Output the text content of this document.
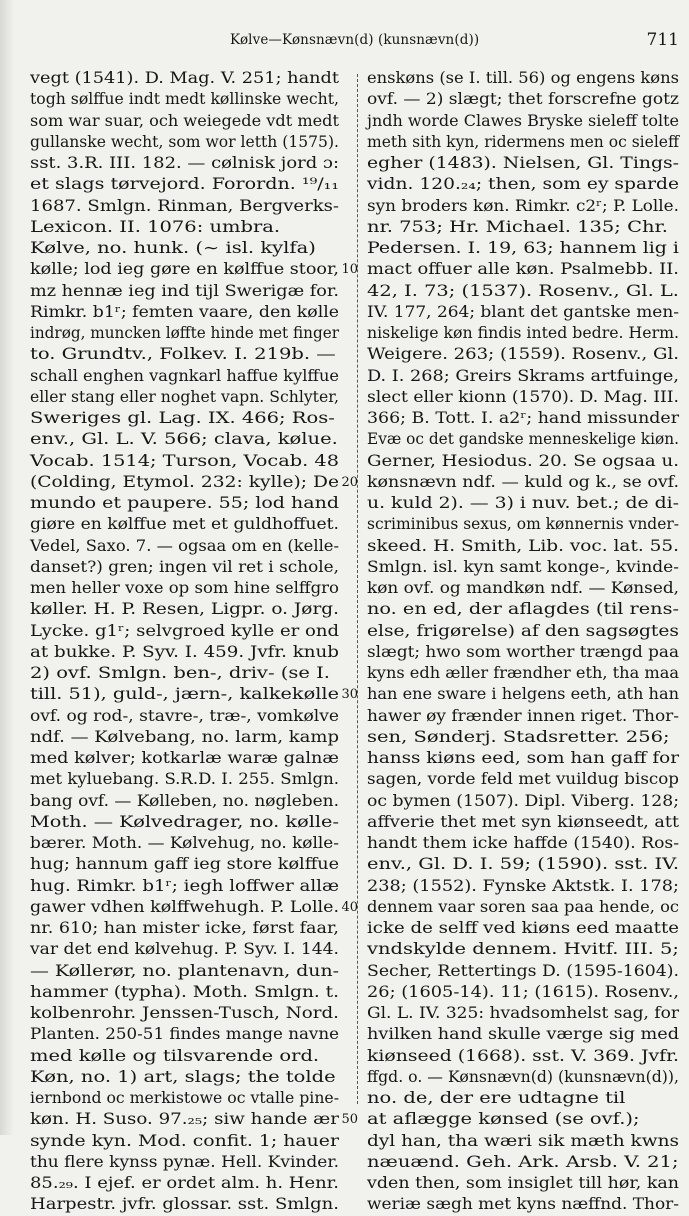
Kølve—Kønsnævn(d) (kunsnævn(d))	711
vegt (1541). D. Mag. V. 251; handt
togh sølffue indt medt køllinske wecht,
som war suar, och weiegede vdt medt
gullanske wecht, som wor letth (1575).
sst. 3.R. III. 182. — cølnisk jord ɔ:
et slags tørvejord. Forordn. ¹⁹/₁₁
1687. Smlgn. Rinman, Bergverks-
Lexicon. II. 1076: umbra.
Kølve, no. hunk. (∼ isl. kylfa)
kølle; lod ieg gøre en kølffue stoor,
mz hennæ ieg ind tijl Swerigæ for.
Rimkr. b1ʳ; femten vaare, den kølle
indrøg, muncken løffte hinde met finger
to. Grundtv., Folkev. I. 219b. —
schall enghen vagnkarl haffue kylffue
eller stang eller noghet vapn. Schlyter,
Sweriges gl. Lag. IX. 466; Ros-
env., Gl. L. V. 566; clava, kølue.
Vocab. 1514; Turson, Vocab. 48
(Colding, Etymol. 232: kylle); De
mundo et paupere. 55; lod hand
giøre en kølffue met et guldhoffuet.
Vedel, Saxo. 7. — ogsaa om en (kelle-
danset?) gren; ingen vil ret i schole,
men heller voxe op som hine selffgro
køller. H. P. Resen, Ligpr. o. Jørg.
Lycke. g1ʳ; selvgroed kylle er ond
at bukke. P. Syv. I. 459. Jvfr. knub
2) ovf. Smlgn. ben-, driv- (se I.
till. 51), guld-, jærn-, kalkekølle
ovf. og rod-, stavre-, træ-, vomkølve
ndf. — Kølvebang, no. larm, kamp
med kølver; kotkarlæ waræ galnæ
met kyluebang. S.R.D. I. 255. Smlgn.
bang ovf. — Kølleben, no. nøgleben.
Moth. — Kølvedrager, no. kølle-
bærer. Moth. — Kølvehug, no. kølle-
hug; hannum gaff ieg store kølffue
hug. Rimkr. b1ʳ; iegh loffwer allæ
gawer vdhen kølffwehugh. P. Lolle.
nr. 610; han mister icke, først faar,
var det end kølvehug. P. Syv. I. 144.
— Køllerør, no. plantenavn, dun-
hammer (typha). Moth. Smlgn. t.
kolbenrohr. Jenssen-Tusch, Nord.
Planten. 250-51 findes mange navne
med kølle og tilsvarende ord.
Køn, no. 1) art, slags; the tolde
iernbond oc merkistowe oc vtalle pine-
køn. H. Suso. 97.₂₅; siw hande ær
synde kyn. Mod. confit. 1; hauer
thu flere kynss pynæ. Hell. Kvinder.
85.₂₉. I ejef. er ordet alm. h. Henr.
Harpestr. jvfr. glossar. sst. Smlgn.
10
20
30
40
50
enskøns (se I. till. 56) og engens køns
ovf. — 2) slægt; thet forscrefne gotz
jndh worde Clawes Bryske sieleff tolte
meth sith kyn, ridermens men oc sieleff
egher (1483). Nielsen, Gl. Tings-
vidn. 120.₂₄; then, som ey sparde
syn broders køn. Rimkr. c2ʳ; P. Lolle.
nr. 753; Hr. Michael. 135; Chr.
Pedersen. I. 19, 63; hannem lig i
mact offuer alle køn. Psalmebb. II.
42, I. 73; (1537). Rosenv., Gl. L.
IV. 177, 264; blant det gantske men-
niskelige køn findis inted bedre. Herm.
Weigere. 263; (1559). Rosenv., Gl.
D. I. 268; Greirs Skrams artfuinge,
slect eller kionn (1570). D. Mag. III.
366; B. Tott. I. a2ʳ; hand missunder
Evæ oc det gandske menneskelige kiøn.
Gerner, Hesiodus. 20. Se ogsaa u.
kønsnævn ndf. — kuld og k., se ovf.
u. kuld 2). — 3) i nuv. bet.; de di-
scriminibus sexus, om kønnernis vnder-
skeed. H. Smith, Lib. voc. lat. 55.
Smlgn. isl. kyn samt konge-, kvinde-
køn ovf. og mandkøn ndf. — Kønsed,
no. en ed, der aflagdes (til rens-
else, frigørelse) af den sagsøgtes
slægt; hwo som worther trængd paa
kyns edh æller frændher eth, tha maa
han ene sware i helgens eeth, ath han
hawer øy frænder innen riget. Thor-
sen, Sønderj. Stadsretter. 256;
hanss kiøns eed, som han gaff for
sagen, vorde feld met vuildug biscop
oc bymen (1507). Dipl. Viberg. 128;
affverie thet met syn kiønseedt, att
handt them icke haffde (1540). Ros-
env., Gl. D. I. 59; (1590). sst. IV.
238; (1552). Fynske Aktstk. I. 178;
dennem vaar soren saa paa hende, oc
icke de selff ved kiøns eed maatte
vndskylde dennem. Hvitf. III. 5;
Secher, Rettertings D. (1595-1604).
26; (1605-14). 11; (1615). Rosenv.,
Gl. L. IV. 325: hvadsomhelst sag, for
hvilken hand skulle værge sig med
kiønseed (1668). sst. V. 369. Jvfr.
ffgd. o. — Kønsnævn(d) (kunsnævn(d)),
no. de, der ere udtagne til
at aflægge kønsed (se ovf.);
dyl han, tha wæri sik mæth kwns
næuænd. Geh. Ark. Arsb. V. 21;
vden then, som insiglet till hør, kan
weriæ sægh met kyns næffnd. Thor-
